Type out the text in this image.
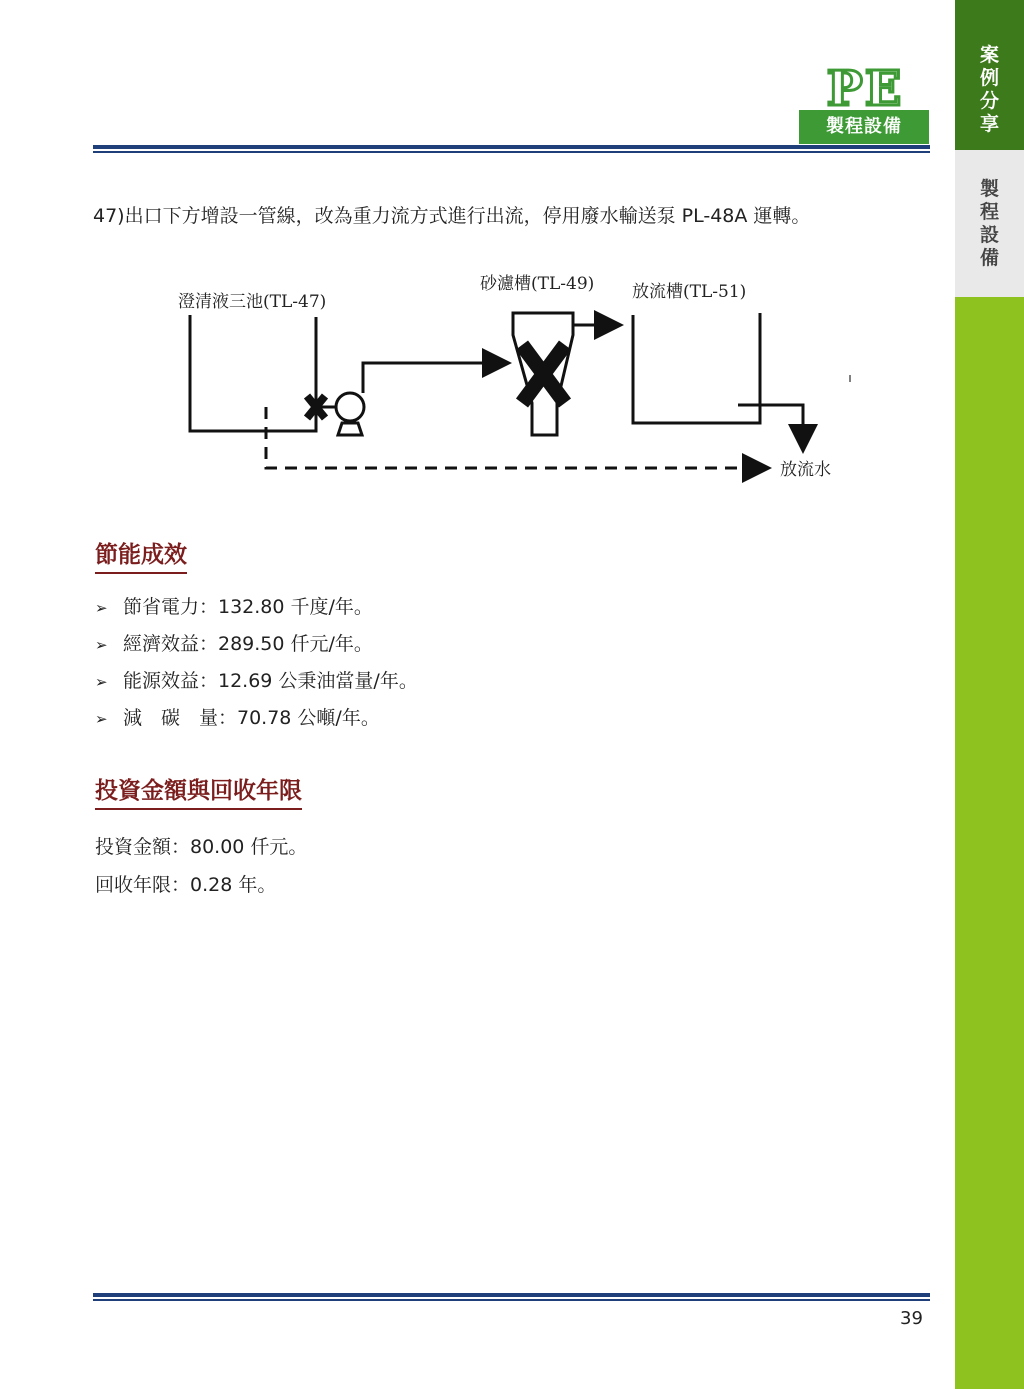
案
例
分
享
製
程
設
備
PE
製程設備
47)出口下方增設一管線，改為重力流方式進行出流，停用廢水輸送泵 PL-48A 運轉。
澄清液三池(TL-47)
砂濾槽(TL-49) 放流槽(TL-51)
放流水
節能成效
➢ 節省電力：132.80 千度/年。
➢ 經濟效益：289.50 仟元/年。
➢ 能源效益：12.69 公秉油當量/年。
➢ 減　碳　量：70.78 公噸/年。
投資金額與回收年限
投資金額：80.00 仟元。
回收年限：0.28 年。
39
